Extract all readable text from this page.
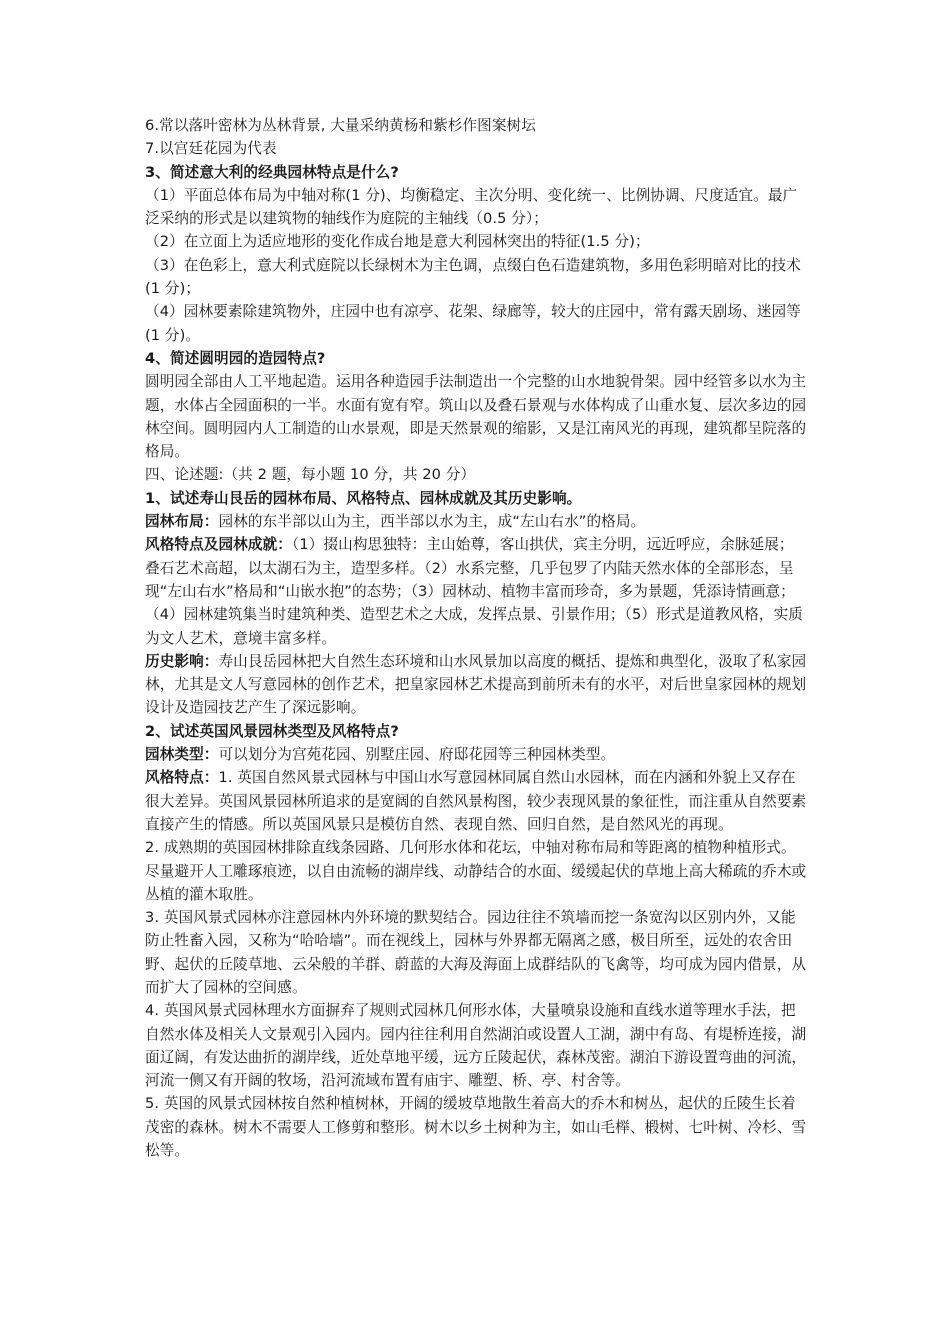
6.常以落叶密林为丛林背景, 大量采纳黄杨和紫杉作图案树坛

7.以宫廷花园为代表

3、简述意大利的经典园林特点是什么?

（1）平面总体布局为中轴对称(1 分)、均衡稳定、主次分明、变化统一、比例协调、尺度适宜。最广泛采纳的形式是以建筑物的轴线作为庭院的主轴线（0.5 分）；

（2）在立面上为适应地形的变化作成台地是意大利园林突出的特征(1.5 分)；

（3）在色彩上，意大利式庭院以长绿树木为主色调，点缀白色石造建筑物，多用色彩明暗对比的技术(1 分)；

（4）园林要素除建筑物外，庄园中也有凉亭、花架、绿廊等，较大的庄园中，常有露天剧场、迷园等(1 分)。

4、简述圆明园的造园特点?

圆明园全部由人工平地起造。运用各种造园手法制造出一个完整的山水地貌骨架。园中经管多以水为主题，水体占全园面积的一半。水面有宽有窄。筑山以及叠石景观与水体构成了山重水复、层次多边的园林空间。圆明园内人工制造的山水景观，即是天然景观的缩影，又是江南风光的再现，建筑都呈院落的格局。

四、论述题:（共 2 题，每小题 10 分，共 20 分）

1、试述寿山艮岳的园林布局、风格特点、园林成就及其历史影响。

园林布局：园林的东半部以山为主，西半部以水为主，成“左山右水”的格局。

风格特点及园林成就：（1）掇山构思独特：主山始尊，客山拱伏，宾主分明，远近呼应，余脉延展；叠石艺术高超，以太湖石为主，造型多样。（2）水系完整，几乎包罗了内陆天然水体的全部形态，呈现“左山右水”格局和“山嵌水抱”的态势；（3）园林动、植物丰富而珍奇，多为景题，凭添诗情画意；（4）园林建筑集当时建筑种类、造型艺术之大成，发挥点景、引景作用；（5）形式是道教风格，实质为文人艺术，意境丰富多样。

历史影响：寿山艮岳园林把大自然生态环境和山水风景加以高度的概括、提炼和典型化，汲取了私家园林，尤其是文人写意园林的创作艺术，把皇家园林艺术提高到前所未有的水平，对后世皇家园林的规划设计及造园技艺产生了深远影响。

2、试述英国风景园林类型及风格特点?

园林类型：可以划分为宫苑花园、别墅庄园、府邸花园等三种园林类型。

风格特点：1. 英国自然风景式园林与中国山水写意园林同属自然山水园林，而在内涵和外貌上又存在很大差异。英国风景园林所追求的是宽阔的自然风景构图，较少表现风景的象征性，而注重从自然要素直接产生的情感。所以英国风景只是模仿自然、表现自然、回归自然，是自然风光的再现。

2. 成熟期的英国园林排除直线条园路、几何形水体和花坛，中轴对称布局和等距离的植物种植形式。尽量避开人工雕琢痕迹，以自由流畅的湖岸线、动静结合的水面、缓缓起伏的草地上高大稀疏的乔木或丛植的灌木取胜。

3. 英国风景式园林亦注意园林内外环境的默契结合。园边往往不筑墙而挖一条宽沟以区别内外，又能防止牲畜入园，又称为“哈哈墙”。而在视线上，园林与外界都无隔离之感，极目所至，远处的农舍田野、起伏的丘陵草地、云朵般的羊群、蔚蓝的大海及海面上成群结队的飞禽等，均可成为园内借景，从而扩大了园林的空间感。

4. 英国风景式园林理水方面摒弃了规则式园林几何形水体，大量喷泉设施和直线水道等理水手法，把自然水体及相关人文景观引入园内。园内往往利用自然湖泊或设置人工湖，湖中有岛、有堤桥连接，湖面辽阔，有发达曲折的湖岸线，近处草地平缓，远方丘陵起伏，森林茂密。湖泊下游设置弯曲的河流，河流一侧又有开阔的牧场，沿河流域布置有庙宇、雕塑、桥、亭、村舍等。

5. 英国的风景式园林按自然种植树林，开阔的缓坡草地散生着高大的乔木和树丛，起伏的丘陵生长着茂密的森林。树木不需要人工修剪和整形。树木以乡土树种为主，如山毛榉、椴树、七叶树、冷杉、雪松等。
